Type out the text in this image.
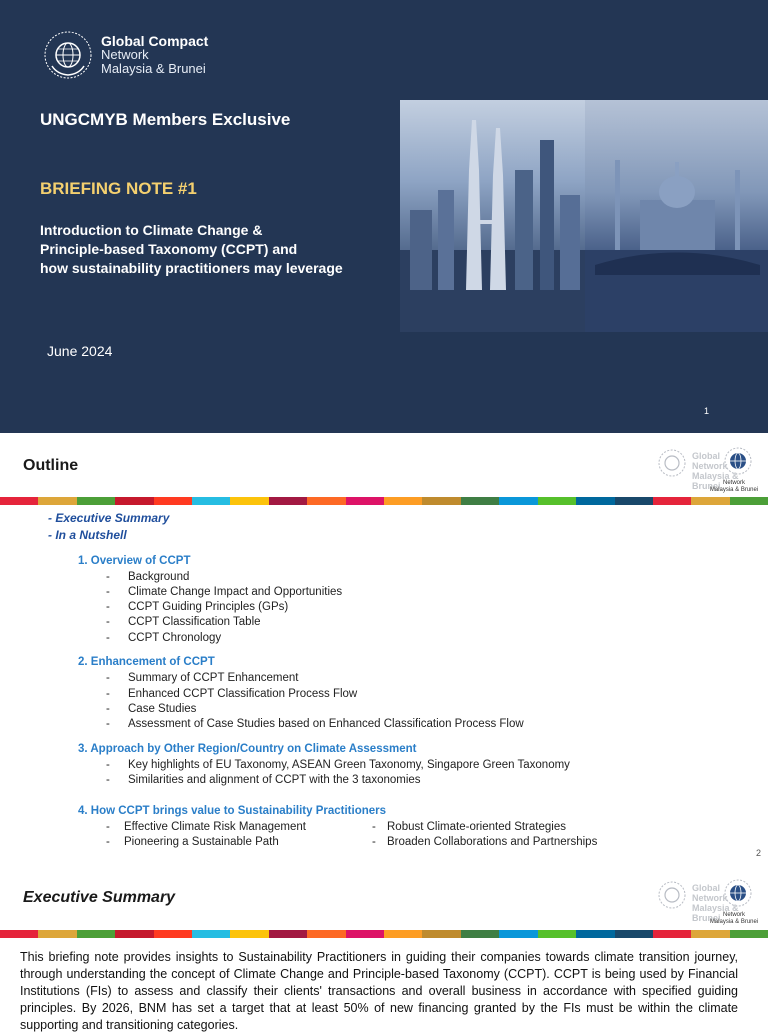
Global Compact
Network
Malaysia & Brunei
UNGCMYB Members Exclusive
BRIEFING NOTE #1
Introduction to Climate Change &
Principle-based Taxonomy (CCPT) and
how sustainability practitioners may leverage
June 2024
1
Outline
Global
Network
Malaysia & Brunei Network
Malaysia & Brunei
- Executive Summary
- In a Nutshell
1. Overview of CCPT
- Background
- Climate Change Impact and Opportunities
- CCPT Guiding Principles (GPs)
- CCPT Classification Table
- CCPT Chronology
2. Enhancement of CCPT
- Summary of CCPT Enhancement
- Enhanced CCPT Classification Process Flow
- Case Studies
- Assessment of Case Studies based on Enhanced Classification Process Flow
3. Approach by Other Region/Country on Climate Assessment
- Key highlights of EU Taxonomy, ASEAN Green Taxonomy, Singapore Green Taxonomy
- Similarities and alignment of CCPT with the 3 taxonomies
4. How CCPT brings value to Sustainability Practitioners
- Effective Climate Risk Management
- Pioneering a Sustainable Path
- Robust Climate-oriented Strategies
- Broaden Collaborations and Partnerships
2
Executive Summary
Global
Network
Malaysia & Brunei Network
Malaysia & Brunei
This briefing note provides insights to Sustainability Practitioners in guiding their companies towards climate transition journey, through understanding the concept of Climate Change and Principle-based Taxonomy (CCPT). CCPT is being used by Financial Institutions (FIs) to assess and classify their clients' transactions and overall business in accordance with specified guiding principles. By 2026, BNM has set a target that at least 50% of new financing granted by the FIs must be within the climate supporting and transitioning categories.
